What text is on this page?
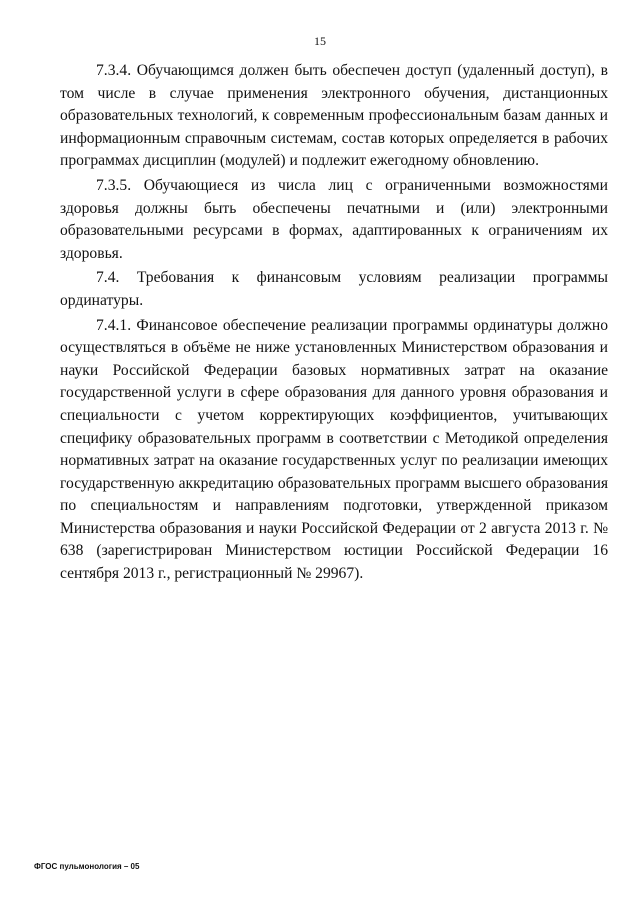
15

7.3.4. Обучающимся должен быть обеспечен доступ (удаленный доступ), в том числе в случае применения электронного обучения, дистанционных образовательных технологий, к современным профессиональным базам данных и информационным справочным системам, состав которых определяется в рабочих программах дисциплин (модулей) и подлежит ежегодному обновлению.

7.3.5. Обучающиеся из числа лиц с ограниченными возможностями здоровья должны быть обеспечены печатными и (или) электронными образовательными ресурсами в формах, адаптированных к ограничениям их здоровья.

7.4. Требования к финансовым условиям реализации программы ординатуры.

7.4.1. Финансовое обеспечение реализации программы ординатуры должно осуществляться в объёме не ниже установленных Министерством образования и науки Российской Федерации базовых нормативных затрат на оказание государственной услуги в сфере образования для данного уровня образования и специальности с учетом корректирующих коэффициентов, учитывающих специфику образовательных программ в соответствии с Методикой определения нормативных затрат на оказание государственных услуг по реализации имеющих государственную аккредитацию образовательных программ высшего образования по специальностям и направлениям подготовки, утвержденной приказом Министерства образования и науки Российской Федерации от 2 августа 2013 г. № 638 (зарегистрирован Министерством юстиции Российской Федерации 16 сентября 2013 г., регистрационный № 29967).

ФГОС пульмонология – 05
